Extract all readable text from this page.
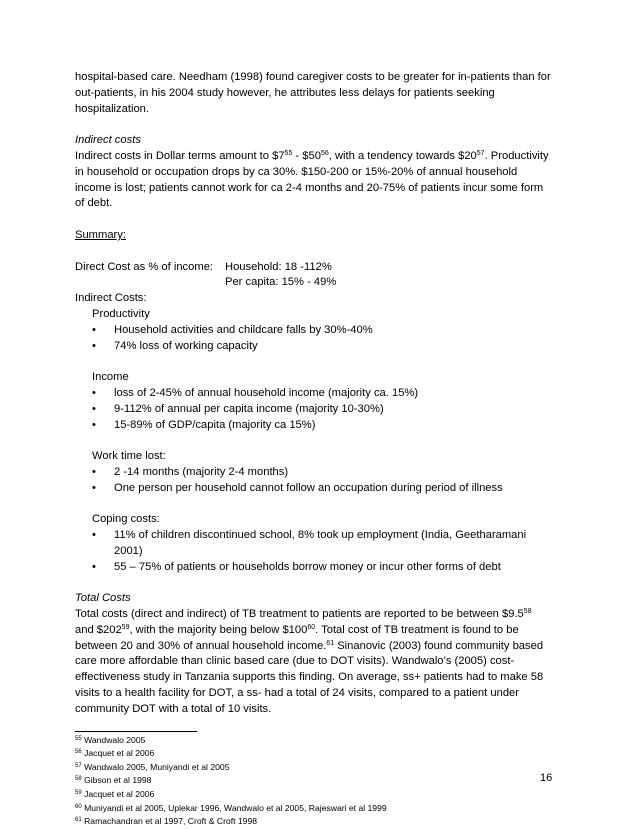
hospital-based care. Needham (1998) found caregiver costs to be greater for in-patients than for

out-patients, in his 2004 study however, he attributes less delays for patients seeking

hospitalization.

Indirect costs

Indirect costs in Dollar terms amount to $\$7^{55}$ - $\$50^{56}$, with a tendency towards $\$20^{57}$. Productivity

in household or occupation drops by ca 30%. $150-200 or 15%-20% of annual household

income is lost; patients cannot work for ca 2-4 months and 20-75% of patients incur some form

of debt.

Summary:

Direct Cost as % of income:	Household: 18 -112%
Per capita: 15% - 49%

Indirect Costs:

Productivity
•	Household activities and childcare falls by 30%-40%
•	74% loss of working capacity
Income
•	loss of 2-45% of annual household income (majority ca. 15%)
•	9-112% of annual per capita income (majority 10-30%)
•	15-89% of GDP/capita (majority ca 15%)
Work time lost:
•	2 -14 months (majority 2-4 months)
•	One person per household cannot follow an occupation during period of illness
Coping costs:
•	11% of children discontinued school, 8% took up employment (India, Geetharamani 2001)
•	55 – 75% of patients or households borrow money or incur other forms of debt

Total Costs

Total costs (direct and indirect) of TB treatment to patients are reported to be between $\$9.5^{58}$

and $\$202^{59}$, with the majority being below $\$100^{60}$. Total cost of TB treatment is found to be

between 20 and 30% of annual household income.$^{61}$ Sinanovic (2003) found community based

care more affordable than clinic based care (due to DOT visits). Wandwalo’s (2005) cost-

effectiveness study in Tanzania supports this finding. On average, ss+ patients had to make 58

visits to a health facility for DOT, a ss- had a total of 24 visits, compared to a patient under

community DOT with a total of 10 visits.

$^{55}$ Wandwalo 2005
$^{56}$ Jacquet et al 2006
$^{57}$ Wandwalo 2005, Muniyandi et al 2005
$^{58}$ Gibson et al 1998
$^{59}$ Jacquet et al 2006
$^{60}$ Muniyandi et al 2005, Uplekar 1996, Wandwalo et al 2005, Rajeswari et al 1999
$^{61}$ Ramachandran et al 1997, Croft & Croft 1998
16
